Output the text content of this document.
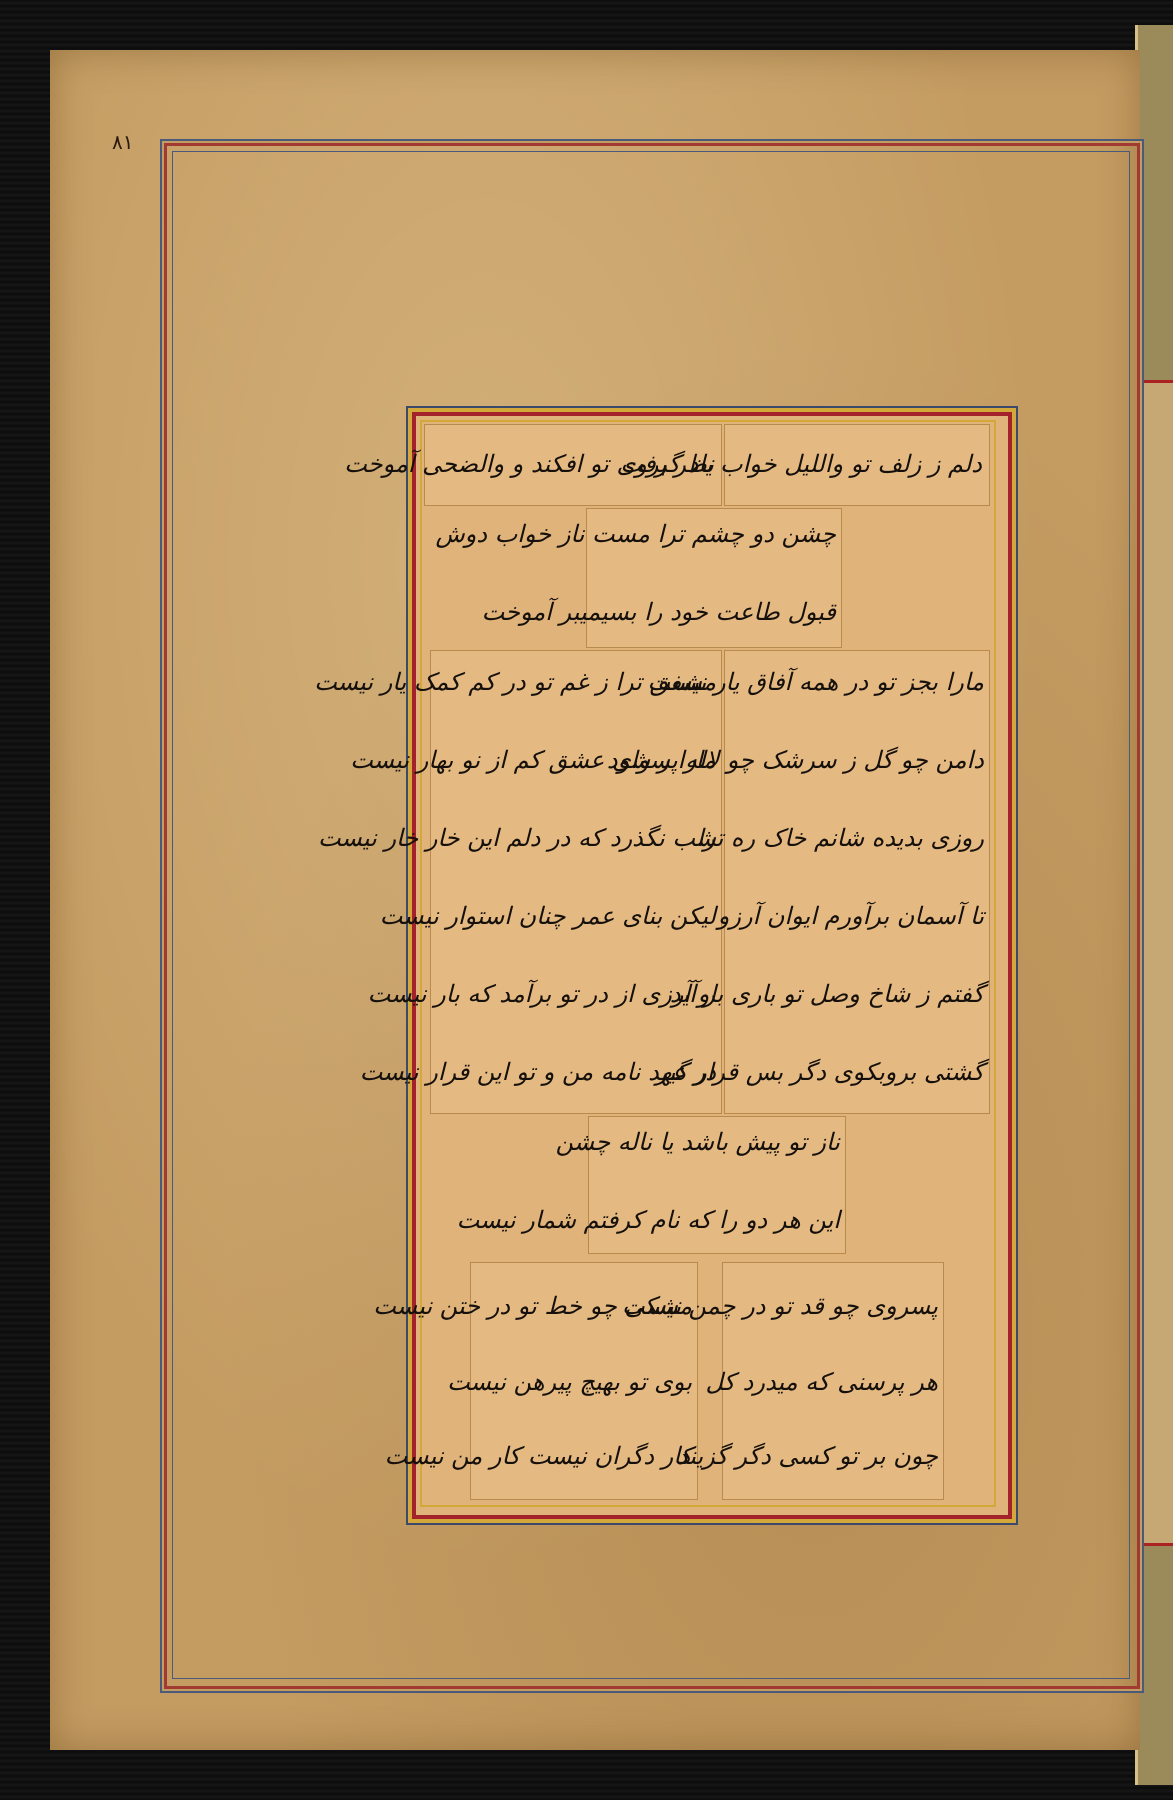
۸۱
دلم ز زلف تو واللیل خواب یاد گرفت
نظر بروی تو افکند و والضحی آموخت
چشن دو چشم ترا مست ناز خواب دوش
قبول طاعت خود را بسیمیبر آموخت
مارا بجز تو در همه آفاق یار نیست
دامن چو گل ز سرشک چو لاله پر شود
روزی بدیده شانم خاک ره ترا
تا آسمان برآورم ایوان آرزو
گفتم ز شاخ وصل تو باری بر آید
گشتی بروبکوی دگر بس قرار گیر
مشفق ترا ز غم تو در کم کمک یار نیست
مارا سوای عشق کم از نو بهار نیست
شب نگذرد که در دلم این خار خار نیست
لیکن بنای عمر چنان استوار نیست
او آرزی از در تو برآمد که بار نیست
در عهد نامه من و تو این قرار نیست
ناز تو پیش باشد یا ناله چشن
این هر دو را که نام کرفتم شمار نیست
پسروی چو قد تو در چمن نیست
هر پرسنی که میدرد کل
چون بر تو کسی دگر گزیند
مشکی چو خط تو در ختن نیست
بوی تو بهیچ پیرهن نیست
کار دگران نیست کار من نیست
